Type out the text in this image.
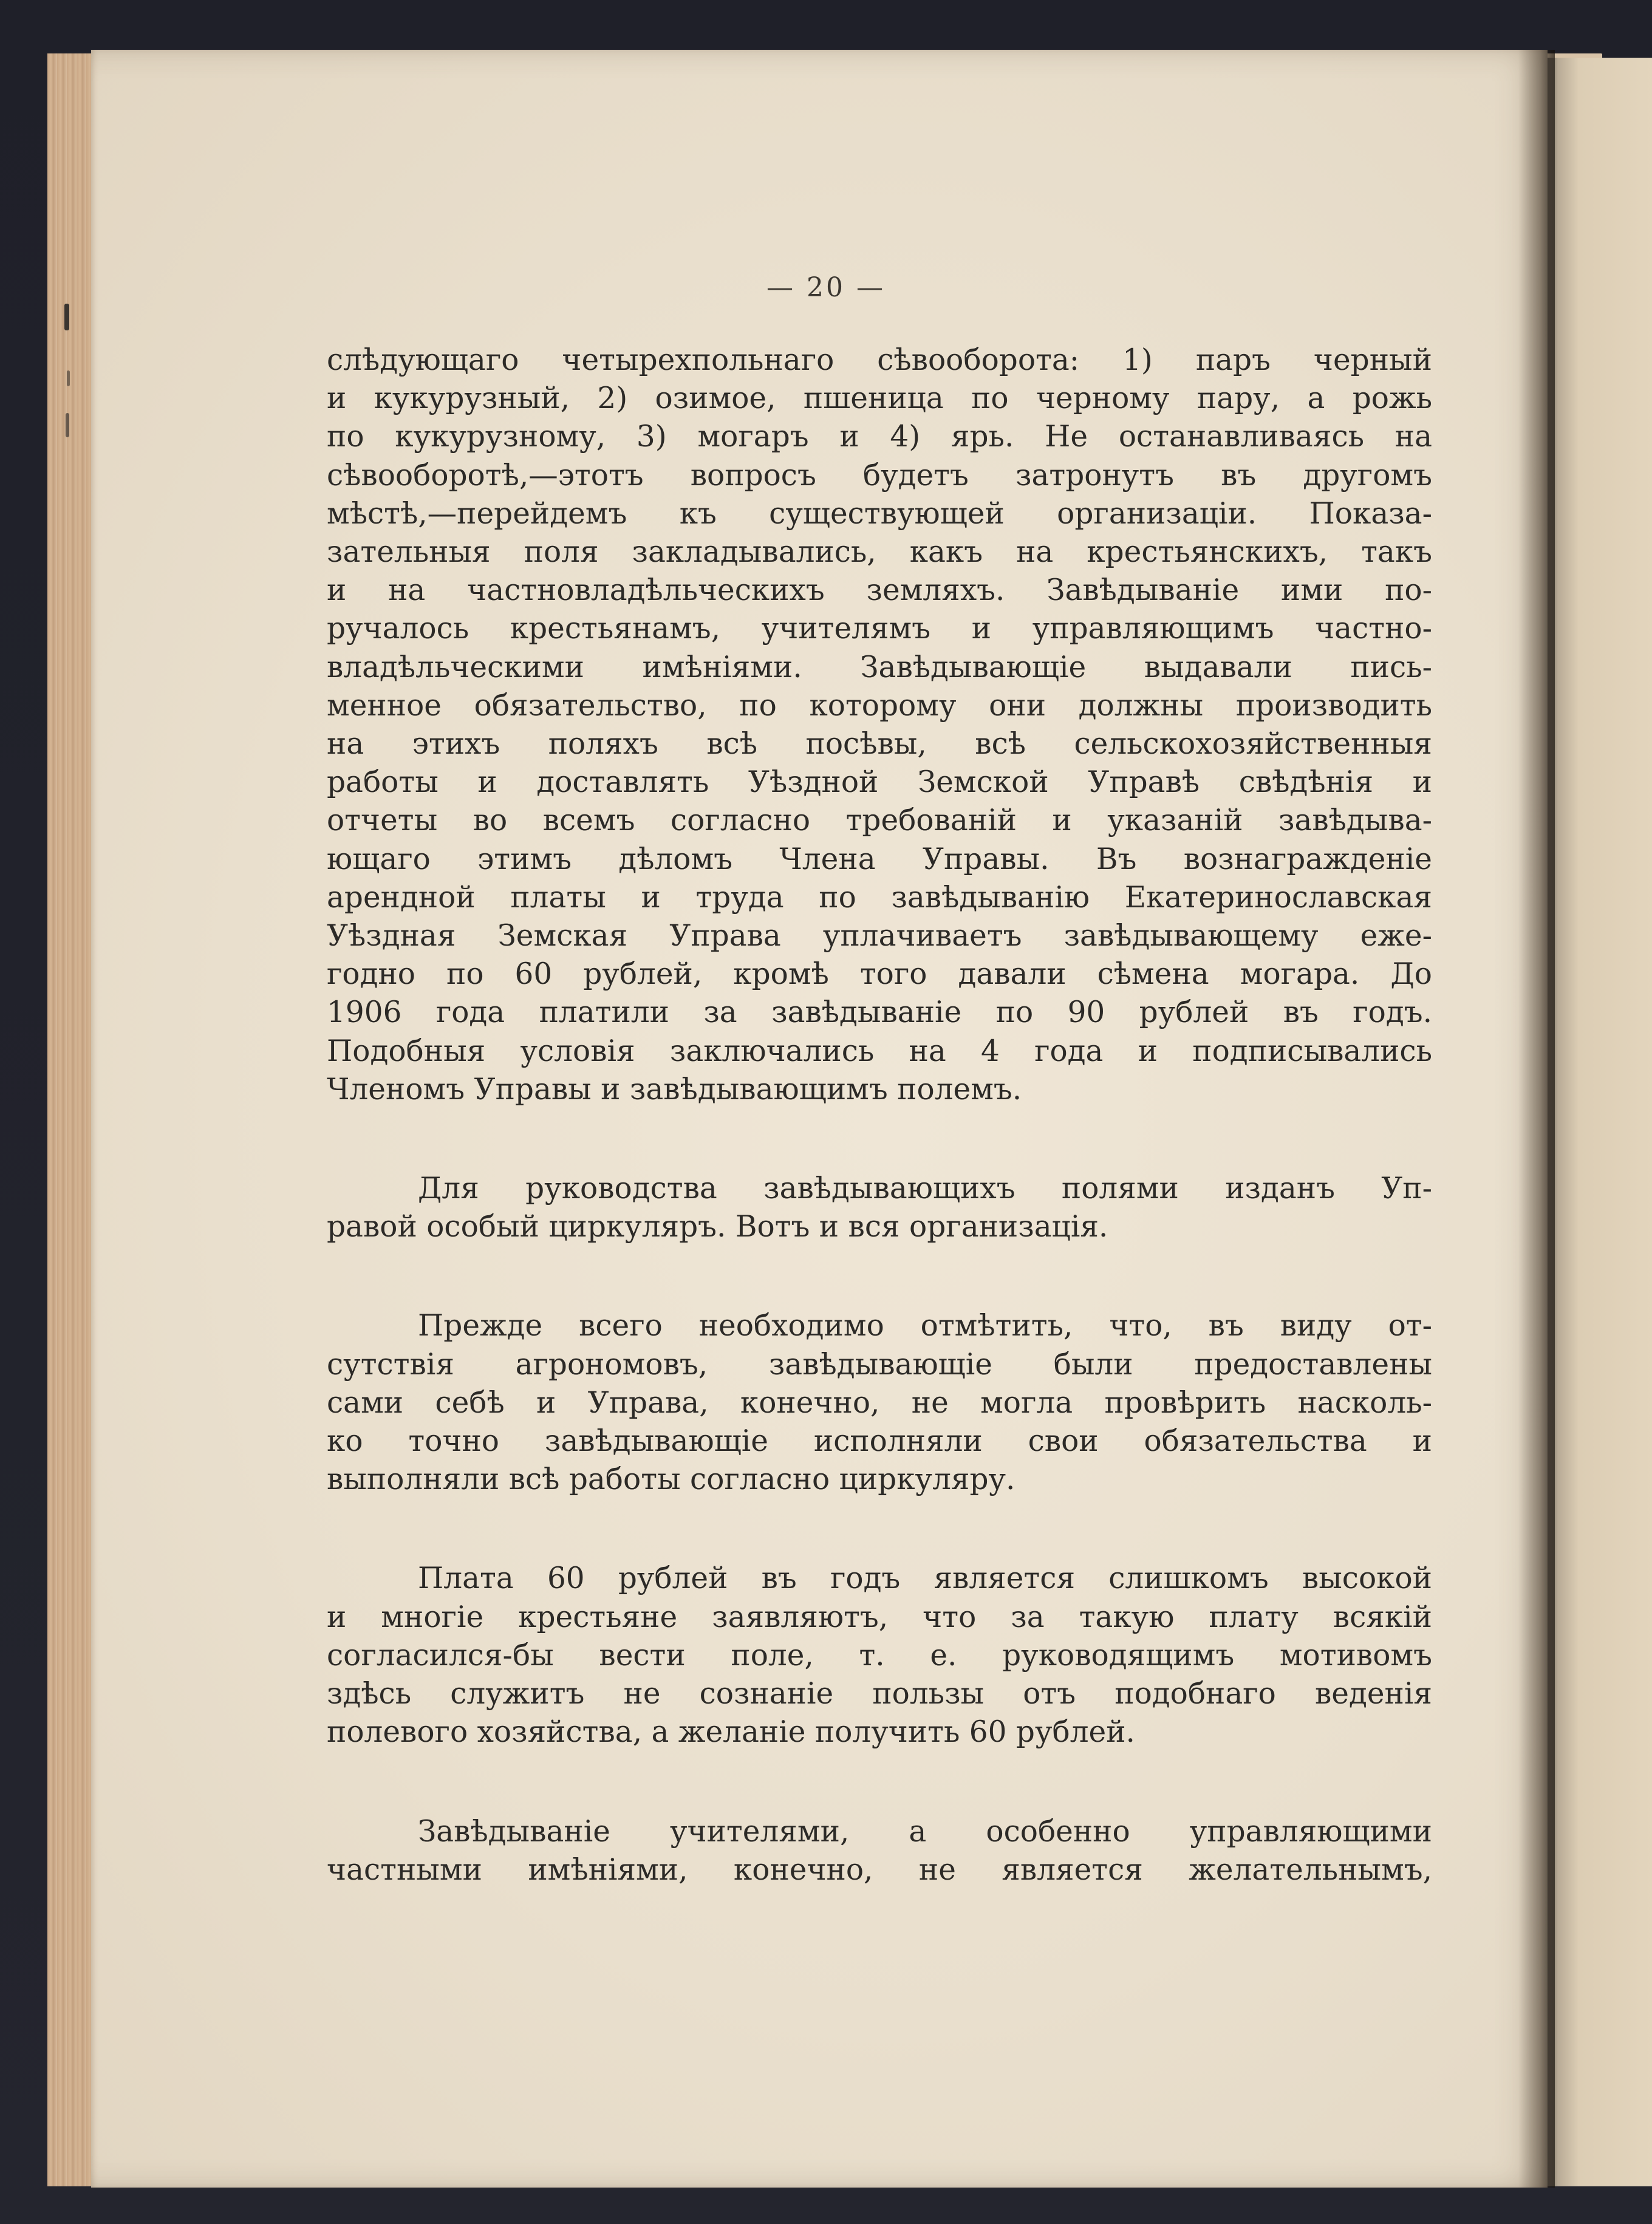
— 20 —
слѣдующаго четырехпольнаго сѣвооборота: 1) паръ черный
и кукурузный, 2) озимое, пшеница по черному пару, а рожь
по кукурузному, 3) могаръ и 4) ярь. Не останавливаясь на
сѣвооборотѣ,—этотъ вопросъ будетъ затронутъ въ другомъ
мѣстѣ,—перейдемъ къ существующей организаціи. Показа-
зательныя поля закладывались, какъ на крестьянскихъ, такъ
и на частновладѣльческихъ земляхъ. Завѣдываніе ими по-
ручалось крестьянамъ, учителямъ и управляющимъ частно-
владѣльческими имѣніями. Завѣдывающіе выдавали пись-
менное обязательство, по которому они должны производить
на этихъ поляхъ всѣ посѣвы, всѣ сельскохозяйственныя
работы и доставлять Уѣздной Земской Управѣ свѣдѣнія и
отчеты во всемъ согласно требованій и указаній завѣдыва-
ющаго этимъ дѣломъ Члена Управы. Въ вознагражденіе
арендной платы и труда по завѣдыванію Екатеринославская
Уѣздная Земская Управа уплачиваетъ завѣдывающему еже-
годно по 60 рублей, кромѣ того давали сѣмена могара. До
1906 года платили за завѣдываніе по 90 рублей въ годъ.
Подобныя условія заключались на 4 года и подписывались
Членомъ Управы и завѣдывающимъ полемъ.
Для руководства завѣдывающихъ полями изданъ Уп-
равой особый циркуляръ. Вотъ и вся организація.
Прежде всего необходимо отмѣтить, что, въ виду от-
сутствія агрономовъ, завѣдывающіе были предоставлены
сами себѣ и Управа, конечно, не могла провѣрить насколь-
ко точно завѣдывающіе исполняли свои обязательства и
выполняли всѣ работы согласно циркуляру.
Плата 60 рублей въ годъ является слишкомъ высокой
и многіе крестьяне заявляютъ, что за такую плату всякій
согласился-бы вести поле, т. е. руководящимъ мотивомъ
здѣсь служитъ не сознаніе пользы отъ подобнаго веденія
полевого хозяйства, а желаніе получить 60 рублей.
Завѣдываніе учителями, а особенно управляющими
частными имѣніями, конечно, не является желательнымъ,
